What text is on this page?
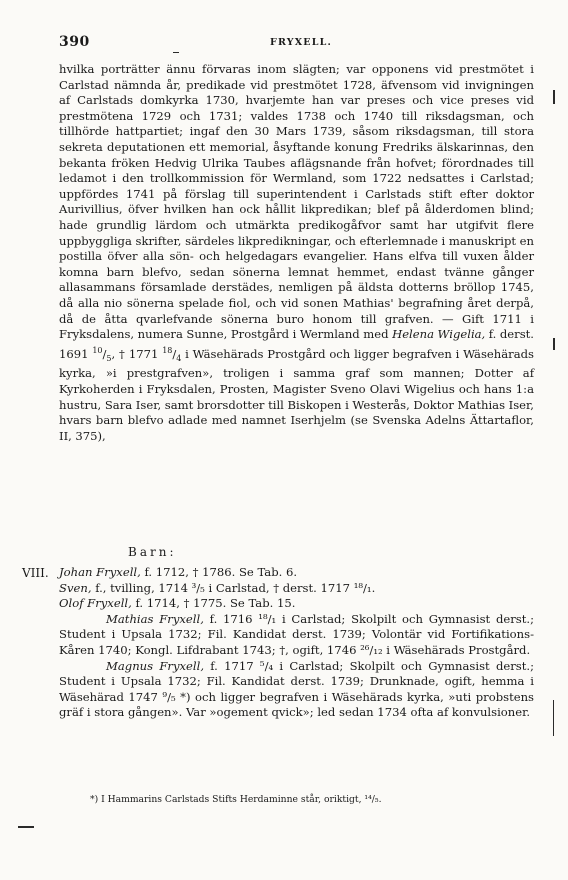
390	FRYXELL.

hvilka porträtter ännu förvaras inom slägten; var opponens vid prestmötet i Carlstad nämnda år, predikade vid prestmötet 1728, äfvensom vid invigningen af Carlstads domkyrka 1730, hvarjemte han var preses och vice preses vid prestmötena 1729 och 1731; valdes 1738 och 1740 till riksdagsman, och tillhörde hattpartiet; ingaf den 30 Mars 1739, såsom riksdagsman, till stora sekreta deputationen ett memorial, åsyftande konung Fredriks älskarinnas, den bekanta fröken Hedvig Ulrika Taubes aflägsnande från hofvet; förordnades till ledamot i den trollkommission för Wermland, som 1722 nedsattes i Carlstad; uppfördes 1741 på förslag till superintendent i Carlstads stift efter doktor Aurivillius, öfver hvilken han ock hållit likpredikan; blef på ålderdomen blind; hade grundlig lärdom och utmärkta predikogåfvor samt har utgifvit flere uppbyggliga skrifter, särdeles likpredikningar, och efterlemnade i manuskript en postilla öfver alla sön- och helgedagars evangelier. Hans elfva till vuxen ålder komna barn blefvo, sedan sönerna lemnat hemmet, endast tvänne gånger allasammans församlade derstädes, nemligen på äldsta dotterns bröllop 1745, då alla nio sönerna spelade fiol, och vid sonen Mathias' begrafning året derpå, då de åtta qvarlefvande sönerna buro honom till grafven. — Gift 1711 i Fryksdalens, numera Sunne, Prostgård i Wermland med Helena Wigelia, f. derst. 1691 $^{10}/_5$, † 1771 $^{18}/_4$ i Wäsehärads Prostgård och ligger begrafven i Wäsehärads kyrka, »i prestgrafven», troligen i samma graf som mannen; Dotter af Kyrkoherden i Fryksdalen, Prosten, Magister Sveno Olavi Wigelius och hans 1:a hustru, Sara Iser, samt brorsdotter till Biskopen i Westerås, Doktor Mathias Iser, hvars barn blefvo adlade med namnet Iserhjelm (se Svenska Adelns Ättartaflor, II, 375),

Barn:
VIII. Johan Fryxell, f. 1712, † 1786. Se Tab. 6.

Sven, f., tvilling, 1714 ³/₅ i Carlstad, † derst. 1717 ¹⁸/₁.

Olof Fryxell, f. 1714, † 1775. Se Tab. 15.

Mathias Fryxell, f. 1716 ¹⁸/₁ i Carlstad; Skolpilt och Gymnasist derst.; Student i Upsala 1732; Fil. Kandidat derst. 1739; Volontär vid Fortifikations-Kåren 1740; Kongl. Lifdrabant 1743; †, ogift, 1746 ²⁶/₁₂ i Wäsehärads Prostgård.

Magnus Fryxell, f. 1717 ⁵/₄ i Carlstad; Skolpilt och Gymnasist derst.; Student i Upsala 1732; Fil. Kandidat derst. 1739; Drunknade, ogift, hemma i Wäsehärad 1747 ⁹/₅ *) och ligger begrafven i Wäsehärads kyrka, »uti probstens gräf i stora gången». Var »ogement qvick»; led sedan 1734 ofta af konvulsioner.

*) I Hammarins Carlstads Stifts Herdaminne står, oriktigt, ¹⁴/₅.
